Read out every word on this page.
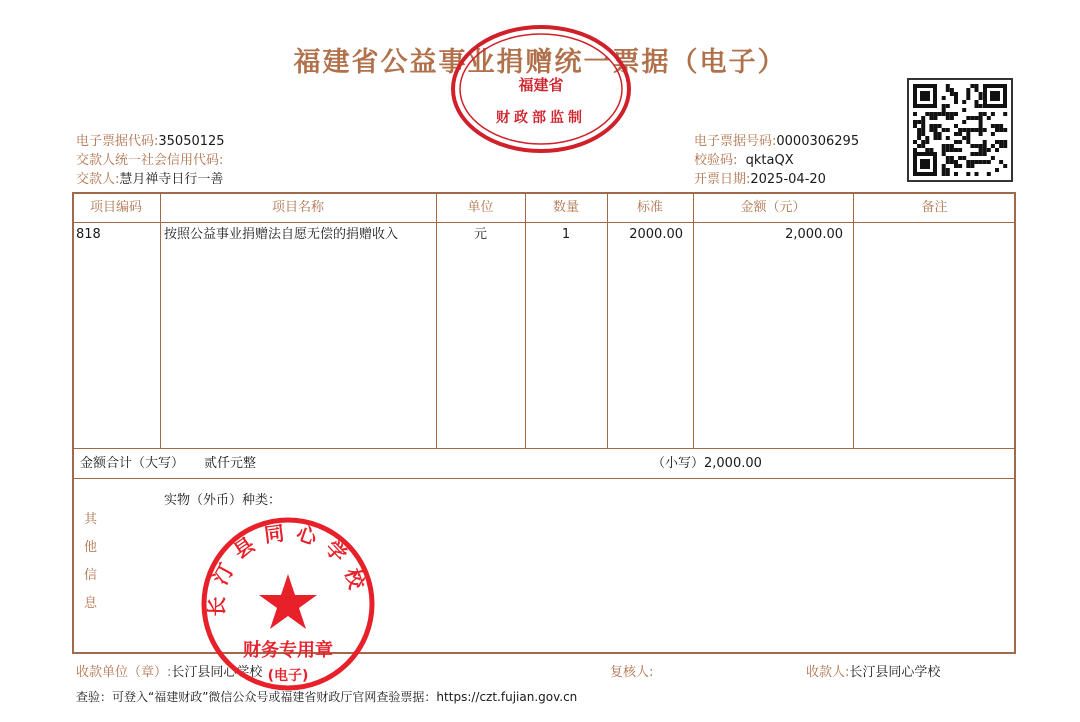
福建省公益事业捐赠统一票据（电子）
电子票据代码:35050125
交款人统一社会信用代码:
交款人:慧月禅寺日行一善
电子票据号码:0000306295
校验码: qktaQX
开票日期:2025-04-20
项目编码	项目名称	单位	数量	标准	金额（元）	备注
818	按照公益事业捐赠法自愿无偿的捐赠收入	元	1	2000.00	2,000.00
金额合计（大写） 贰仟元整	（小写） 2,000.00
其
他
信
息
实物（外币）种类：
收款单位（章）:长汀县同心学校	复核人:	收款人:长汀县同心学校
查验：可登入“福建财政”微信公众号或福建省财政厅官网查验票据：https://czt.fujian.gov.cn
福建省
财政部监制
长汀县同心学校
财务专用章
(电子)
